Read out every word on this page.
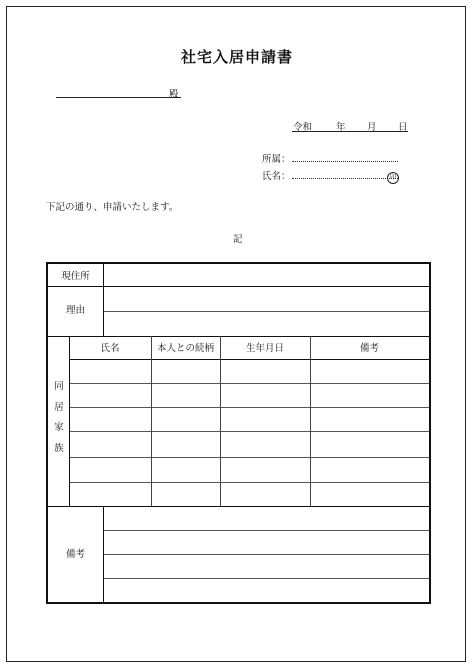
社宅入居申請書
殿
令和	年 月 日
所属：
氏名：	印
下記の通り、申請いたします。
記
現住所
理由
同
居
家
族
氏名	本人との続柄	生年月日	備考
備考
